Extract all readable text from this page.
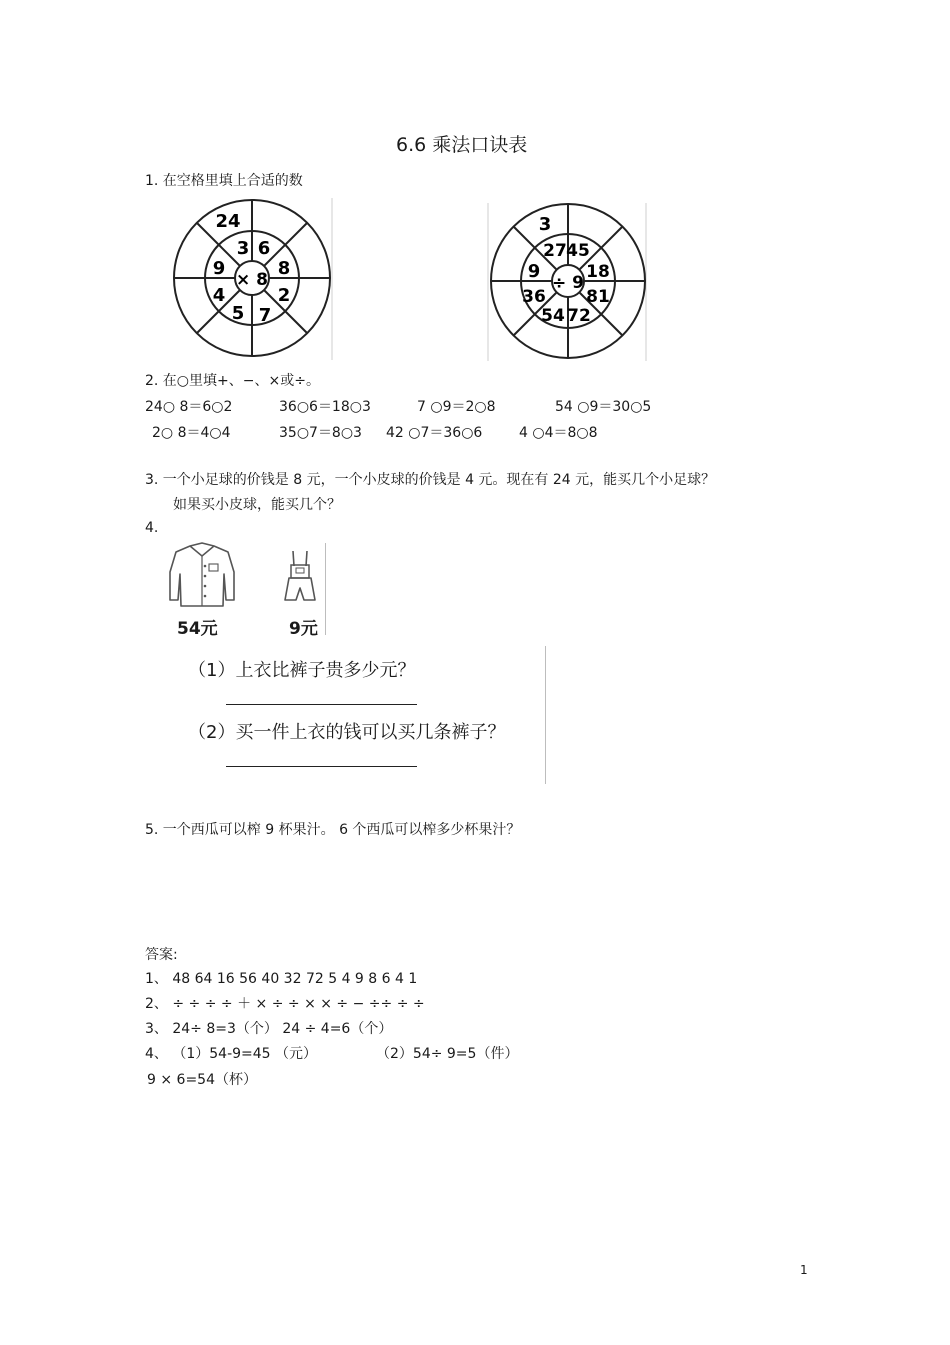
6.6 乘法口诀表
1. 在空格里填上合适的数
24
3 6
8
2
7
5
4
9
× 8
3
45
18
81
72
54
36
27
9
÷ 9
2. 在○里填+、−、×或÷。
24○ 8＝6○2	36○6＝18○3	7 ○9＝2○8	54 ○9＝30○5
2○ 8＝4○4	35○7＝8○3 42 ○7＝36○6	4 ○4＝8○8
3. 一个小足球的价钱是 8 元，一个小皮球的价钱是 4 元。现在有 24 元，能买几个小足球？
如果买小皮球，能买几个？
4.
54元	9元
（1）上衣比裤子贵多少元？
（2）买一件上衣的钱可以买几条裤子？
5. 一个西瓜可以榨 9 杯果汁。 6 个西瓜可以榨多少杯果汁？
答案:
1、 48 64 16 56 40 32 72 5 4 9 8 6 4 1
2、 ÷ ÷ ÷ ÷ ＋ × ÷ ÷ × × ÷ − ÷÷ ÷ ÷
3、 24÷ 8=3（个） 24 ÷ 4=6（个）
4、 （1）54-9=45 （元）	（2）54÷ 9=5（件）
9 × 6=54（杯）
1
